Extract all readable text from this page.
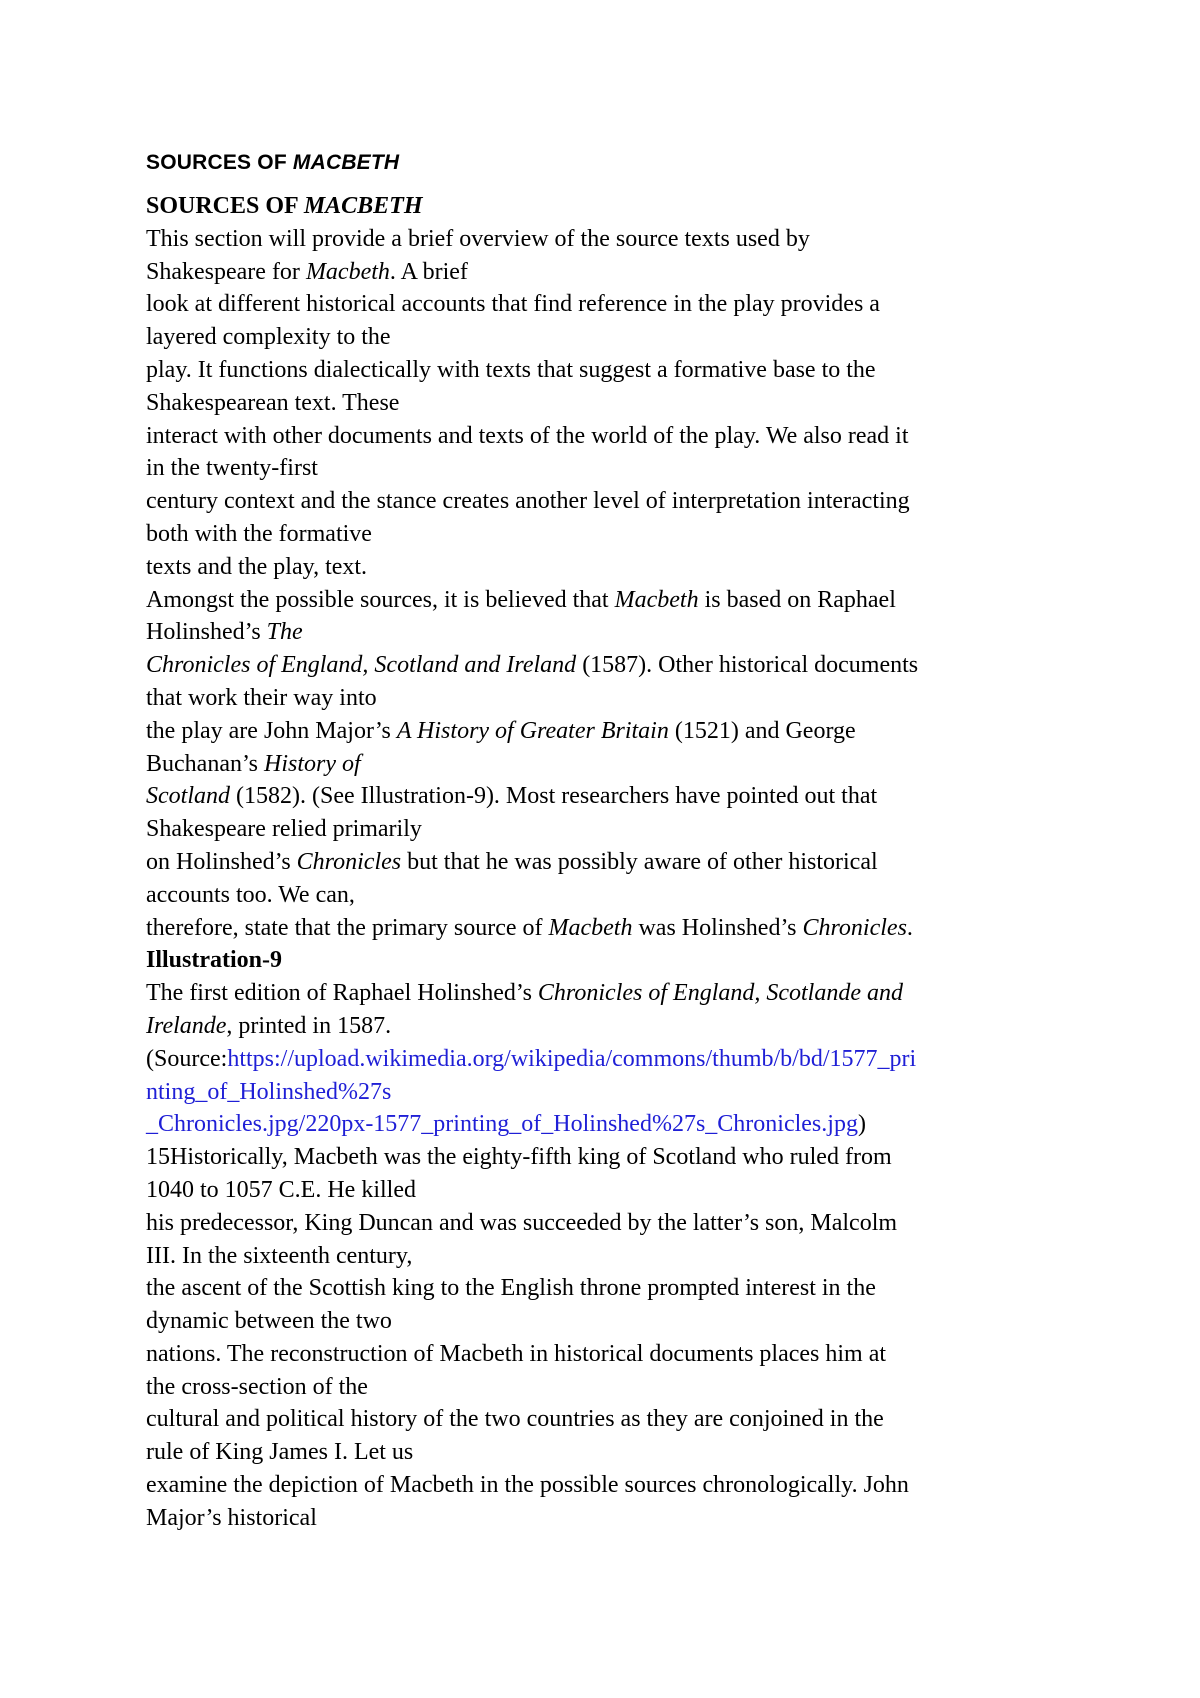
SOURCES OF MACBETH
SOURCES OF MACBETH
This section will provide a brief overview of the source texts used by
Shakespeare for Macbeth. A brief
look at different historical accounts that find reference in the play provides a
layered complexity to the
play. It functions dialectically with texts that suggest a formative base to the
Shakespearean text. These
interact with other documents and texts of the world of the play. We also read it
in the twenty-first
century context and the stance creates another level of interpretation interacting
both with the formative
texts and the play, text.
Amongst the possible sources, it is believed that Macbeth is based on Raphael
Holinshed’s The
Chronicles of England, Scotland and Ireland (1587). Other historical documents
that work their way into
the play are John Major’s A History of Greater Britain (1521) and George
Buchanan’s History of
Scotland (1582). (See Illustration-9). Most researchers have pointed out that
Shakespeare relied primarily
on Holinshed’s Chronicles but that he was possibly aware of other historical
accounts too. We can,
therefore, state that the primary source of Macbeth was Holinshed’s Chronicles.
Illustration-9
The first edition of Raphael Holinshed’s Chronicles of England, Scotlande and
Irelande, printed in 1587.
(Source:https://upload.wikimedia.org/wikipedia/commons/thumb/b/bd/1577_pri
nting_of_Holinshed%27s
_Chronicles.jpg/220px-1577_printing_of_Holinshed%27s_Chronicles.jpg)
15Historically, Macbeth was the eighty-fifth king of Scotland who ruled from
1040 to 1057 C.E. He killed
his predecessor, King Duncan and was succeeded by the latter’s son, Malcolm
III. In the sixteenth century,
the ascent of the Scottish king to the English throne prompted interest in the
dynamic between the two
nations. The reconstruction of Macbeth in historical documents places him at
the cross-section of the
cultural and political history of the two countries as they are conjoined in the
rule of King James I. Let us
examine the depiction of Macbeth in the possible sources chronologically. John
Major’s historical
